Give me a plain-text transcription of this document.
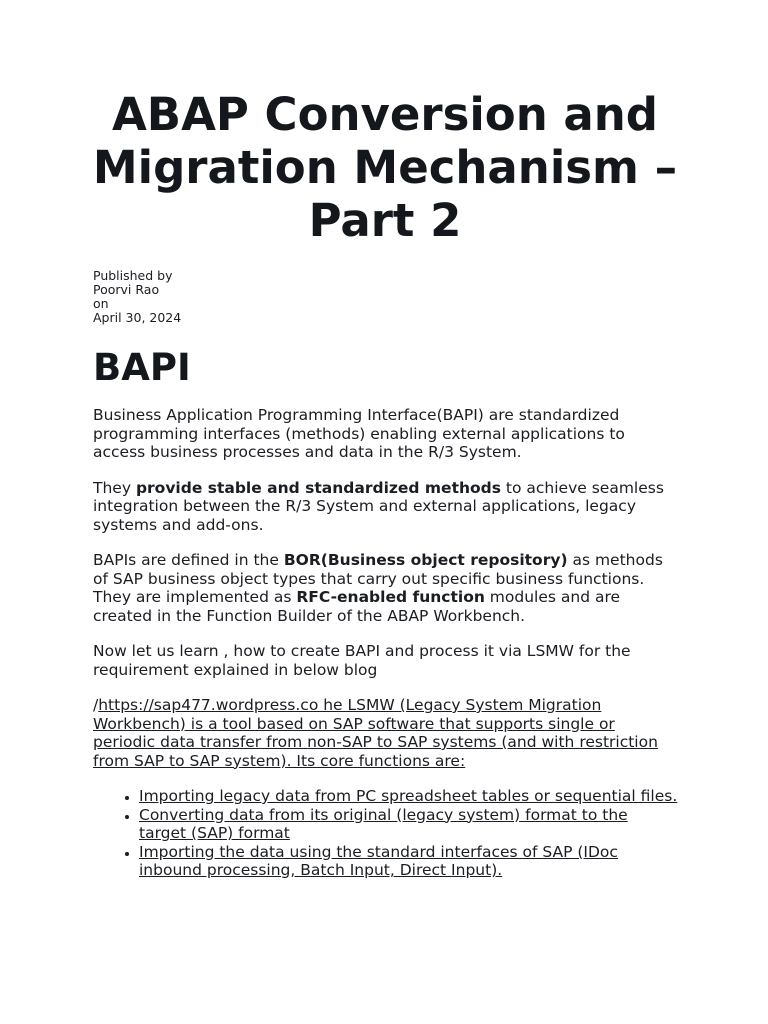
ABAP Conversion and Migration Mechanism – Part 2
Published by
Poorvi Rao
on
April 30, 2024
BAPI

Business Application Programming Interface(BAPI) are standardized programming interfaces (methods) enabling external applications to access business processes and data in the R/3 System.

They provide stable and standardized methods to achieve seamless integration between the R/3 System and external applications, legacy systems and add-ons.

BAPIs are defined in the BOR(Business object repository) as methods of SAP business object types that carry out specific business functions. They are implemented as RFC-enabled function modules and are created in the Function Builder of the ABAP Workbench.

Now let us learn , how to create BAPI and process it via LSMW for the requirement explained in below blog

/https://sap477.wordpress.co he LSMW (Legacy System Migration Workbench) is a tool based on SAP software that supports single or periodic data transfer from non-SAP to SAP systems (and with restriction from SAP to SAP system). Its core functions are:

• Importing legacy data from PC spreadsheet tables or sequential files.
• Converting data from its original (legacy system) format to the target (SAP) format
• Importing the data using the standard interfaces of SAP (IDoc inbound processing, Batch Input, Direct Input).
